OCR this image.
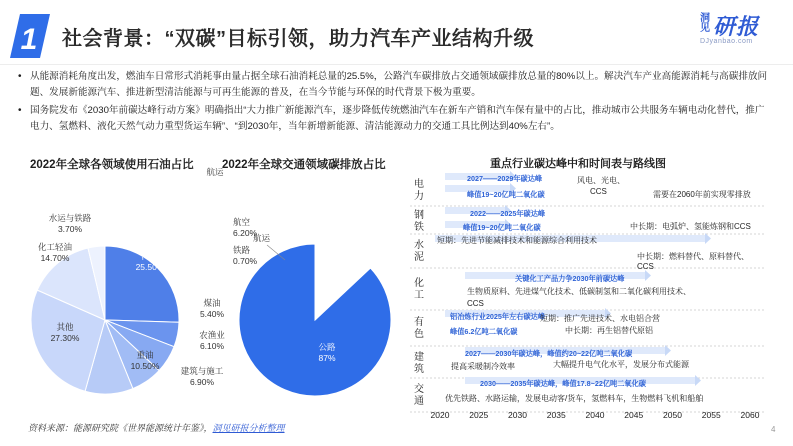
1 社会背景：“双碳”目标引领，助力汽车产业结构升级
洞见 研报
DJyanbao.com
• 从能源消耗角度出发，燃油车日常形式消耗事由量占据全球石油消耗总量的25.5%，公路汽车碳排放占交通领域碳排放总量的80%以上。解决汽车产业高能源消耗与高碳排放问题、发展新能源汽车、推进新型清洁能源与可再生能源的普及，在当今节能与环保的时代背景下极为重要。
• 国务院发布《2030年前碳达峰行动方案》明确指出“大力推广新能源汽车，逐步降低传统燃油汽车在新车产销和汽车保有量中的占比，推动城市公共服务车辆电动化替代，推广电力、氢燃料、液化天然气动力重型货运车辆”、“到2030年，当年新增新能源、清洁能源动力的交通工具比例达到40%左右”。
2022年全球各领域使用石油占比
汽车 25.50%
煤油 5.40%
农渔业 6.10%
建筑与施工 6.90%
重油 10.50%
其他 27.30%
化工轻油 14.70%
水运与铁路 3.70%
2022年全球交通领域碳排放占比
公路 87%
航空 6.20%
航运
铁路 0.70%
航运
重点行业碳达峰中和时间表与路线图
电力
钢铁
水泥
化工
有色
建筑
交通
2027——2029年碳达峰
峰值19~20亿吨二氧化碳
风电、光电、
CCS	需要在2060年前实现零排放
2022——2025年碳达峰
峰值19~20亿吨二氧化碳	中长期：电弧炉、氢能炼钢和CCS
短期：先进节能减排技术和能源综合利用技术
中长期：燃料替代、原料替代、
CCS
关键化工产品力争2030年前碳达峰
生物质原料、先进煤气化技术、低碳制氢和二氧化碳利用技术、
CCS
铝冶炼行业2025年左右碳达峰
峰值6.2亿吨二氧化碳
短期：推广先进技术、水电铝合营
中长期：再生铝替代原铝
2027——2030年碳达峰，峰值约20~22亿吨二氧化碳
提高采暖制冷效率	大幅提升电气化水平，发展分布式能源
2030——2035年碳达峰，峰值17.8~22亿吨二氧化碳
优先铁路、水路运输，发展电动客/货车，氢燃料车，生物燃料飞机和船舶
2020 2025 2030 2035 2040 2045 2050 2055 2060
资料来源：能源研究院《世界能源统计年鉴》，洞见研报分析整理	4
